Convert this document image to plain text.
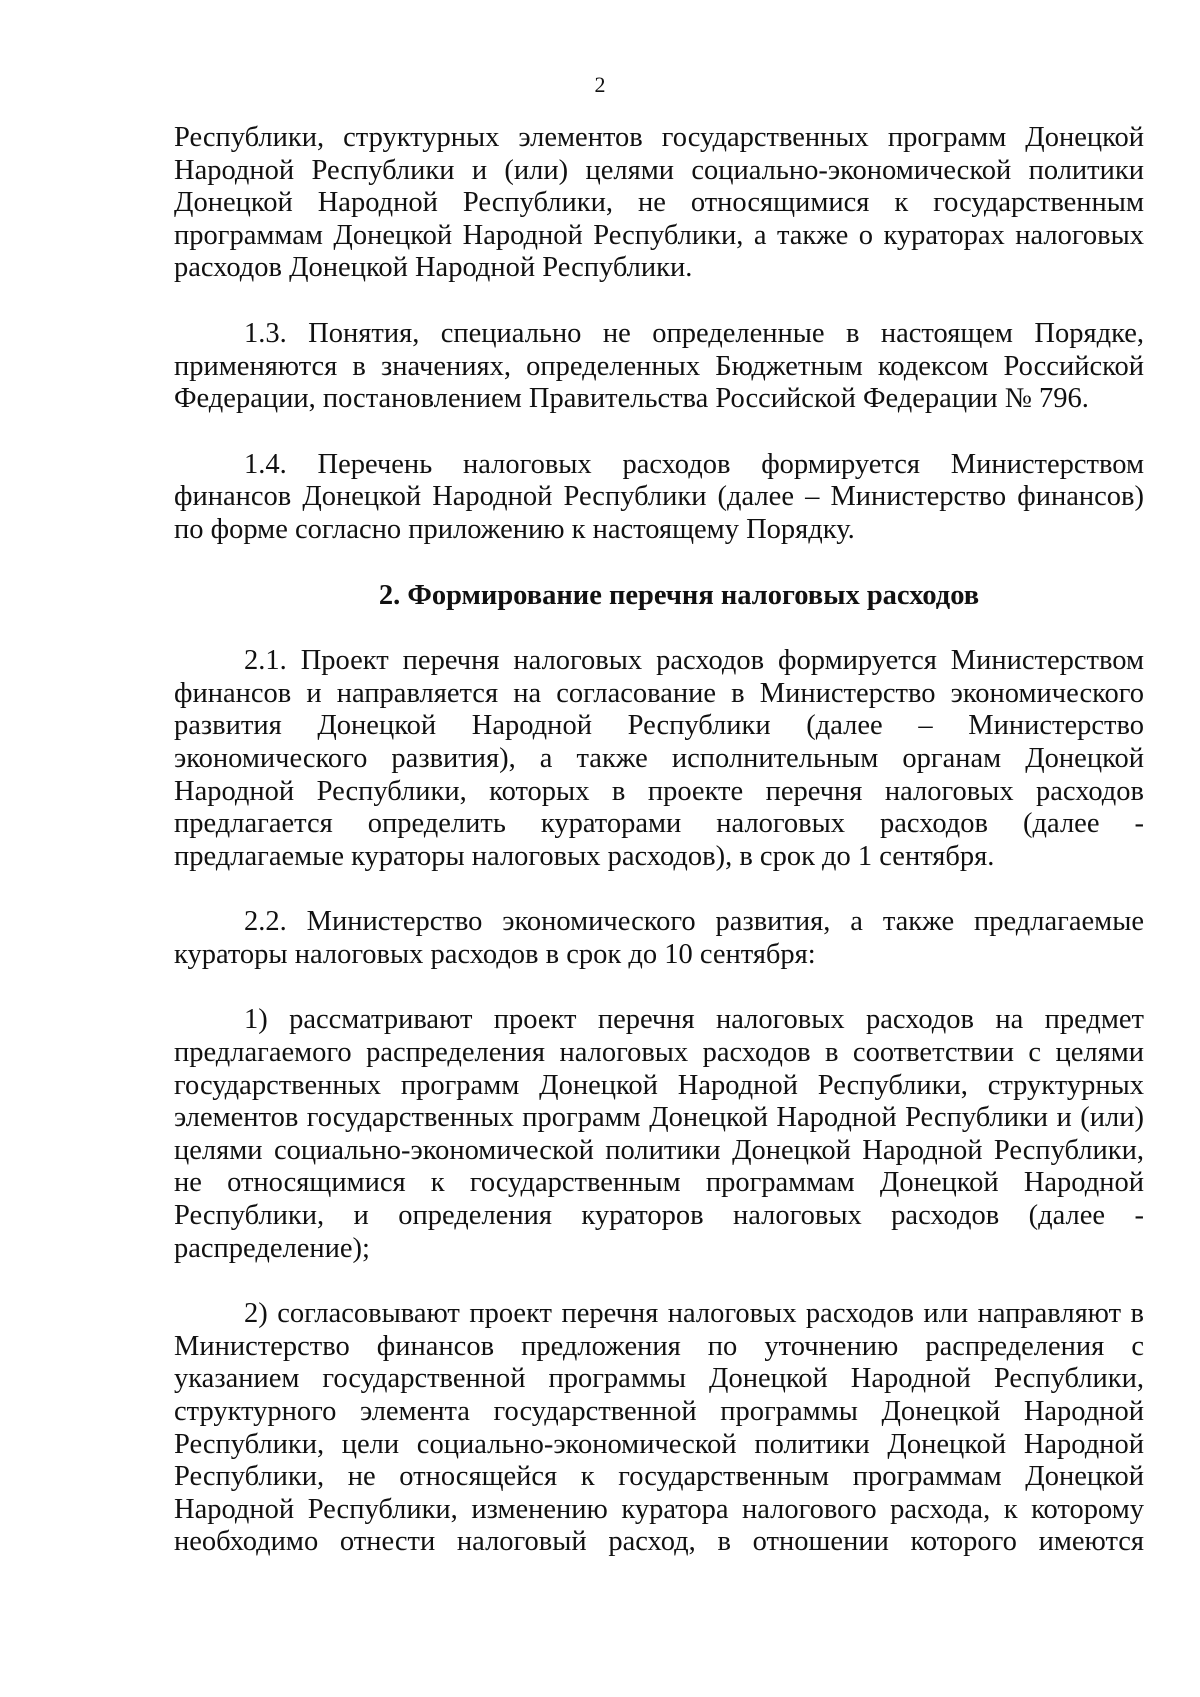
2

Республики, структурных элементов государственных программ Донецкой Народной Республики и (или) целями социально-экономической политики Донецкой Народной Республики, не относящимися к государственным программам Донецкой Народной Республики, а также о кураторах налоговых расходов Донецкой Народной Республики.

1.3. Понятия, специально не определенные в настоящем Порядке, применяются в значениях, определенных Бюджетным кодексом Российской Федерации, постановлением Правительства Российской Федерации № 796.

1.4. Перечень налоговых расходов формируется Министерством финансов Донецкой Народной Республики (далее – Министерство финансов) по форме согласно приложению к настоящему Порядку.

2. Формирование перечня налоговых расходов

2.1. Проект перечня налоговых расходов формируется Министерством финансов и направляется на согласование в Министерство экономического развития Донецкой Народной Республики (далее – Министерство экономического развития), а также исполнительным органам Донецкой Народной Республики, которых в проекте перечня налоговых расходов предлагается определить кураторами налоговых расходов (далее - предлагаемые кураторы налоговых расходов), в срок до 1 сентября.

2.2. Министерство экономического развития, а также предлагаемые кураторы налоговых расходов в срок до 10 сентября:

1) рассматривают проект перечня налоговых расходов на предмет предлагаемого распределения налоговых расходов в соответствии с целями государственных программ Донецкой Народной Республики, структурных элементов государственных программ Донецкой Народной Республики и (или) целями социально-экономической политики Донецкой Народной Республики, не относящимися к государственным программам Донецкой Народной Республики, и определения кураторов налоговых расходов (далее - распределение);

2) согласовывают проект перечня налоговых расходов или направляют в Министерство финансов предложения по уточнению распределения с указанием государственной программы Донецкой Народной Республики, структурного элемента государственной программы Донецкой Народной Республики, цели социально-экономической политики Донецкой Народной Республики, не относящейся к государственным программам Донецкой Народной Республики, изменению куратора налогового расхода, к которому необходимо отнести налоговый расход, в отношении которого имеются
